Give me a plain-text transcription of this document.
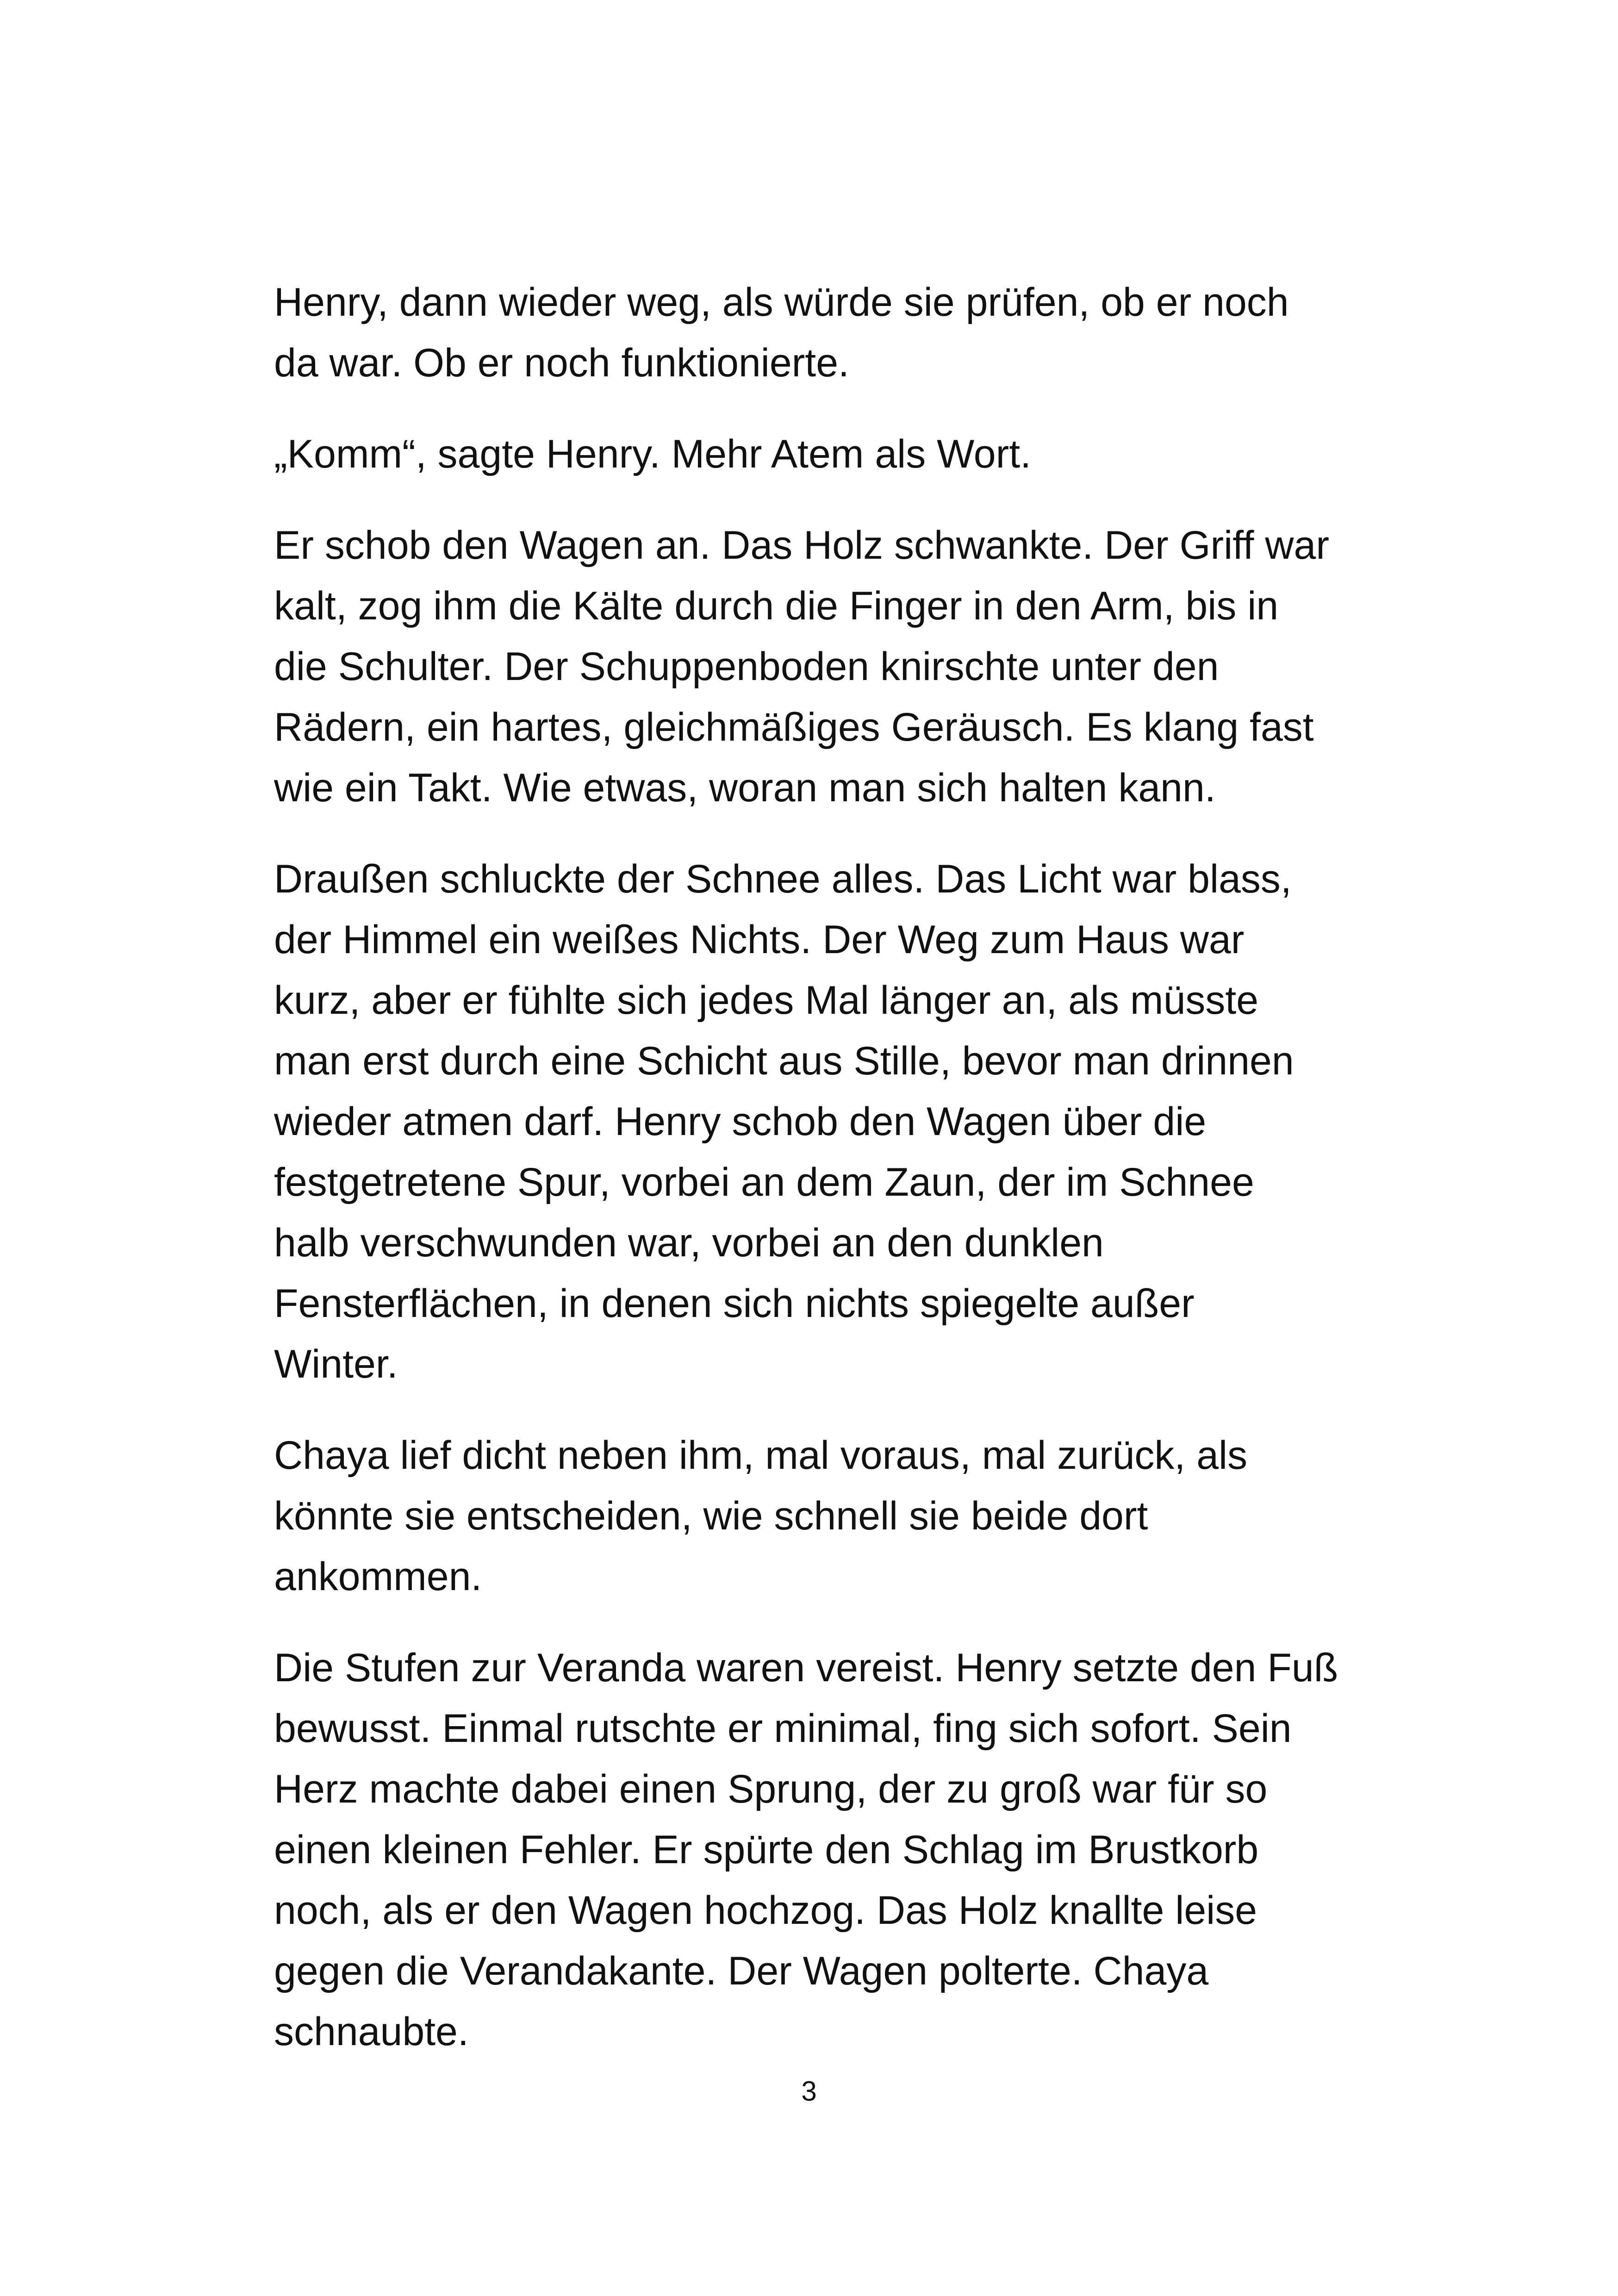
Henry, dann wieder weg, als würde sie prüfen, ob er noch
da war. Ob er noch funktionierte.

„Komm“, sagte Henry. Mehr Atem als Wort.

Er schob den Wagen an. Das Holz schwankte. Der Griff war
kalt, zog ihm die Kälte durch die Finger in den Arm, bis in
die Schulter. Der Schuppenboden knirschte unter den
Rädern, ein hartes, gleichmäßiges Geräusch. Es klang fast
wie ein Takt. Wie etwas, woran man sich halten kann.

Draußen schluckte der Schnee alles. Das Licht war blass,
der Himmel ein weißes Nichts. Der Weg zum Haus war
kurz, aber er fühlte sich jedes Mal länger an, als müsste
man erst durch eine Schicht aus Stille, bevor man drinnen
wieder atmen darf. Henry schob den Wagen über die
festgetretene Spur, vorbei an dem Zaun, der im Schnee
halb verschwunden war, vorbei an den dunklen
Fensterflächen, in denen sich nichts spiegelte außer
Winter.

Chaya lief dicht neben ihm, mal voraus, mal zurück, als
könnte sie entscheiden, wie schnell sie beide dort
ankommen.

Die Stufen zur Veranda waren vereist. Henry setzte den Fuß
bewusst. Einmal rutschte er minimal, fing sich sofort. Sein
Herz machte dabei einen Sprung, der zu groß war für so
einen kleinen Fehler. Er spürte den Schlag im Brustkorb
noch, als er den Wagen hochzog. Das Holz knallte leise
gegen die Verandakante. Der Wagen polterte. Chaya
schnaubte.

3
